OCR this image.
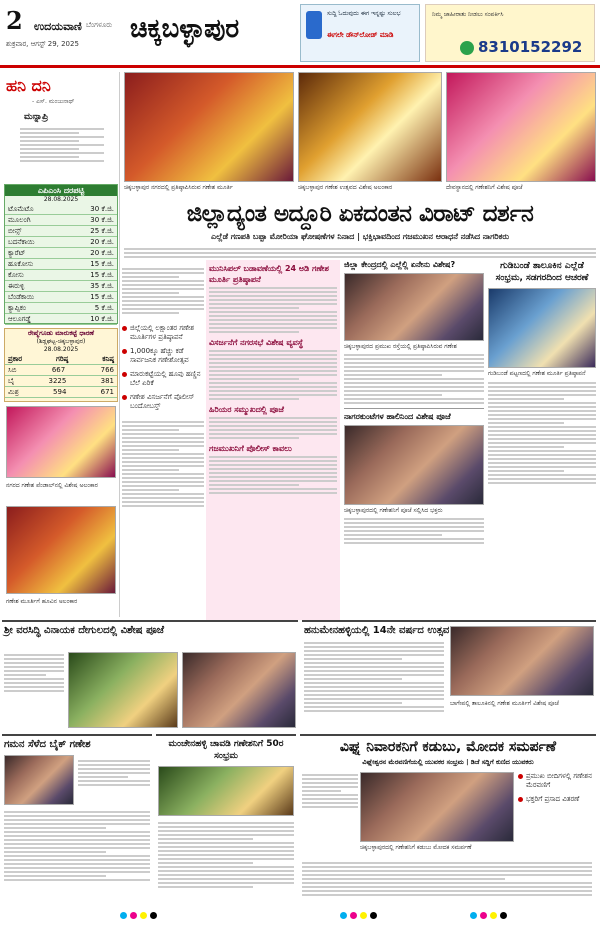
2 ಉದಯವಾಣಿ ಬೆಂಗಳೂರು
ಶುಕ್ರವಾರ, ಆಗಸ್ಟ್ 29, 2025 ಚಿಕ್ಕಬಳ್ಳಾಪುರ
ಸುದ್ದಿ ಓದುವುದು ಈಗ ಇನ್ನಷ್ಟು ಸುಲಭ
ಈಗಲೇ ಡೌನ್‌ಲೋಡ್ ಮಾಡಿ
ನಿಮ್ಮ ಜಾಹೀರಾತು ನೀಡಲು ಸಂಪರ್ಕಿಸಿ
8310152292
ಹನಿ ದನಿ
- ಎಸ್. ಮಂಜುನಾಥ್
ಮನ್ನಾಪ್ರಿ
ಎಪಿಎಂಸಿ ದರಪಟ್ಟಿ
28.08.2025
ಟೊಮೆಟೊ	30 ಕೆ.ಜಿ.
ಮೂಲಂಗಿ	30 ಕೆ.ಜಿ.
ಬೀನ್ಸ್	25 ಕೆ.ಜಿ.
ಬದನೆಕಾಯಿ	20 ಕೆ.ಜಿ.
ಕ್ಯಾರೆಟ್	20 ಕೆ.ಜಿ.
ಹೂಕೋಸು	15 ಕೆ.ಜಿ.
ಕೋಸು	15 ಕೆ.ಜಿ.
ಈರುಳ್ಳಿ	35 ಕೆ.ಜಿ.
ಬೆಂಡೆಕಾಯಿ	15 ಕೆ.ಜಿ.
ಕ್ಯಾಪ್ಸಿಕಂ	5 ಕೆ.ಜಿ.
ಆಲೂಗಡ್ಡೆ	10 ಕೆ.ಜಿ.
ರೇಷ್ಮೆಗೂಡು ಮಾರುಕಟ್ಟೆ ಧಾರಣೆ
(ಶಿಡ್ಲಘಟ್ಟ-ಚಿಕ್ಕಬಳ್ಳಾಪುರ)
28.08.2025
ಪ್ರಕಾರ	ಗರಿಷ್ಠ	ಕನಿಷ್ಠ
ಸಿಬಿ	667	766
ಬೈ	3225	381
ಮಿಶ್ರ	594	671
ನಗರದ ಗಣೇಶ ಪೆಂಡಾಲ್‌ನಲ್ಲಿ ವಿಶೇಷ ಅಲಂಕಾರ
ಗಣೇಶ ಮೂರ್ತಿಗೆ ಹೂವಿನ ಅಲಂಕಾರ
ಚಿಕ್ಕಬಳ್ಳಾಪುರ ನಗರದಲ್ಲಿ ಪ್ರತಿಷ್ಠಾಪಿಸಿರುವ ಗಣೇಶ ಮೂರ್ತಿ	ಚಿಕ್ಕಬಳ್ಳಾಪುರ ಗಣೇಶ ಉತ್ಸವದ ವಿಶೇಷ ಅಲಂಕಾರ	ದೇವಸ್ಥಾನದಲ್ಲಿ ಗಣೇಶನಿಗೆ ವಿಶೇಷ ಪೂಜೆ
ಜಿಲ್ಲಾದ್ಯಂತ ಅದ್ದೂರಿ ಏಕದಂತನ ವಿರಾಟ್ ದರ್ಶನ
ಎಲ್ಲೆಡೆ ಗಣಪತಿ ಬಪ್ಪಾ ಮೋರಿಯಾ ಘೋಷಣೆಗಳ ನಿನಾದ | ಭಕ್ತಿಭಾವದಿಂದ ಗಜಮುಖನ ಆರಾಧನೆ ನಡೆಸಿದ ನಾಗರಿಕರು
ಜಿಲ್ಲೆಯಲ್ಲಿ ಲಕ್ಷಾಂತರ ಗಣೇಶ ಮೂರ್ತಿಗಳ ಪ್ರತಿಷ್ಠಾಪನೆ
1,000ಕ್ಕೂ ಹೆಚ್ಚು ಕಡೆ ಸಾರ್ವಜನಿಕ ಗಣೇಶೋತ್ಸವ
ಮಾರುಕಟ್ಟೆಯಲ್ಲಿ ಹೂವು ಹಣ್ಣಿನ ಬೆಲೆ ಏರಿಕೆ
ಗಣೇಶ ವಿಸರ್ಜನೆಗೆ ಪೊಲೀಸ್ ಬಂದೋಬಸ್ತ್
ಮುನಿಸಿಪಲ್ ಬಡಾವಣೆಯಲ್ಲಿ 24 ಅಡಿ ಗಣೇಶ ಮೂರ್ತಿ ಪ್ರತಿಷ್ಠಾಪನೆ
ವಿಸರ್ಜನೆಗೆ ನಗರಸಭೆ ವಿಶೇಷ ವ್ಯವಸ್ಥೆ
ಹಿರಿಯರ ಸಮ್ಮುಖದಲ್ಲಿ ಪೂಜೆ
ಗಜಮುಖನಿಗೆ ಪೊಲೀಸ್ ಕಾವಲು
ಜಿಲ್ಲಾ ಕೇಂದ್ರದಲ್ಲಿ ಎಲ್ಲೆಲ್ಲಿ ಏನೇನು ವಿಶೇಷ?
ಚಿಕ್ಕಬಳ್ಳಾಪುರದ ಪ್ರಮುಖ ರಸ್ತೆಯಲ್ಲಿ ಪ್ರತಿಷ್ಠಾಪಿಸಿರುವ ಗಣೇಶ
ನಾಗರಕುಂಟೆಗಳ ಹಾಲಿನಿಂದ ವಿಶೇಷ ಪೂಜೆ
ಚಿಕ್ಕಬಳ್ಳಾಪುರದಲ್ಲಿ ಗಣೇಶನಿಗೆ ಪೂಜೆ ಸಲ್ಲಿಸಿದ ಭಕ್ತರು
ಗುಡಿಬಂಡೆ ತಾಲೂಕಿನ ಎಲ್ಲೆಡೆ ಸಂಭ್ರಮ, ಸಡಗರದಿಂದ ಆಚರಣೆ
ಗುಡಿಬಂಡೆ ಪಟ್ಟಣದಲ್ಲಿ ಗಣೇಶ ಮೂರ್ತಿ ಪ್ರತಿಷ್ಠಾಪನೆ
ಶ್ರೀ ವರಸಿದ್ಧಿ ವಿನಾಯಕ ದೇಗುಲದಲ್ಲಿ ವಿಶೇಷ ಪೂಜೆ	ಹನುಮೇನಹಳ್ಳಿಯಲ್ಲಿ 14ನೇ ವರ್ಷದ ಉತ್ಸವ
ಬಾಗೇಪಲ್ಲಿ ತಾಲೂಕಿನಲ್ಲಿ ಗಣೇಶ ಮೂರ್ತಿಗೆ ವಿಶೇಷ ಪೂಜೆ
ಗಮನ ಸೆಳೆದ ಬೈಕ್ ಗಣೇಶ	ಮಂಚೇನಹಳ್ಳಿ ಚಾವಡಿ ಗಣೇಶನಿಗೆ 50ರ ಸಂಭ್ರಮ
ವಿಘ್ನ ನಿವಾರಕನಿಗೆ ಕಡುಬು, ಮೋದಕ ಸಮರ್ಪಣೆ
ವಿಘ್ನೇಶ್ವರನ ಮೆರವಣಿಗೆಯಲ್ಲಿ ಯುವಕರ ಸಂಭ್ರಮ | ಡಿಜೆ ಸದ್ದಿಗೆ ಕುಣಿದ ಯುವಕರು
ಚಿಕ್ಕಬಳ್ಳಾಪುರದಲ್ಲಿ ಗಣೇಶನಿಗೆ ಕಡುಬು ಮೋದಕ ಸಮರ್ಪಣೆ
ಪ್ರಮುಖ ಬೀದಿಗಳಲ್ಲಿ ಗಣೇಶನ ಮೆರವಣಿಗೆ
ಭಕ್ತರಿಗೆ ಪ್ರಸಾದ ವಿತರಣೆ
